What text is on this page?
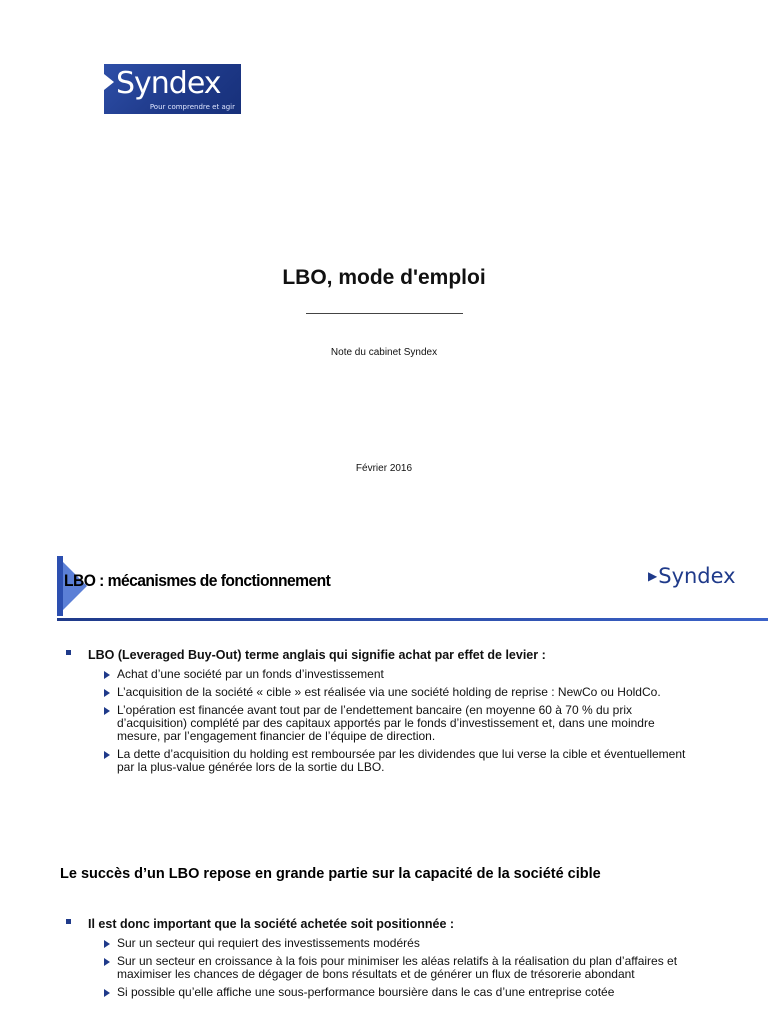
Syndex
Pour comprendre et agir
LBO, mode d'emploi
Note du cabinet Syndex
Février 2016
LBO : mécanismes de fonctionnement	▶Syndex
LBO (Leveraged Buy-Out) terme anglais qui signifie achat par effet de levier :
Achat d’une société par un fonds d’investissement
L’acquisition de la société « cible » est réalisée via une société holding de reprise : NewCo ou HoldCo.
L’opération est financée avant tout par de l’endettement bancaire (en moyenne 60 à 70 % du prix d’acquisition) complété par des capitaux apportés par le fonds d’investissement et, dans une moindre mesure, par l’engagement financier de l’équipe de direction.
La dette d’acquisition du holding est remboursée par les dividendes que lui verse la cible et éventuellement par la plus-value générée lors de la sortie du LBO.
Le succès d’un LBO repose en grande partie sur la capacité de la société cible
Il est donc important que la société achetée soit positionnée :
Sur un secteur qui requiert des investissements modérés
Sur un secteur en croissance à la fois pour minimiser les aléas relatifs à la réalisation du plan d’affaires et maximiser les chances de dégager de bons résultats et de générer un flux de trésorerie abondant
Si possible qu’elle affiche une sous-performance boursière dans le cas d’une entreprise cotée
